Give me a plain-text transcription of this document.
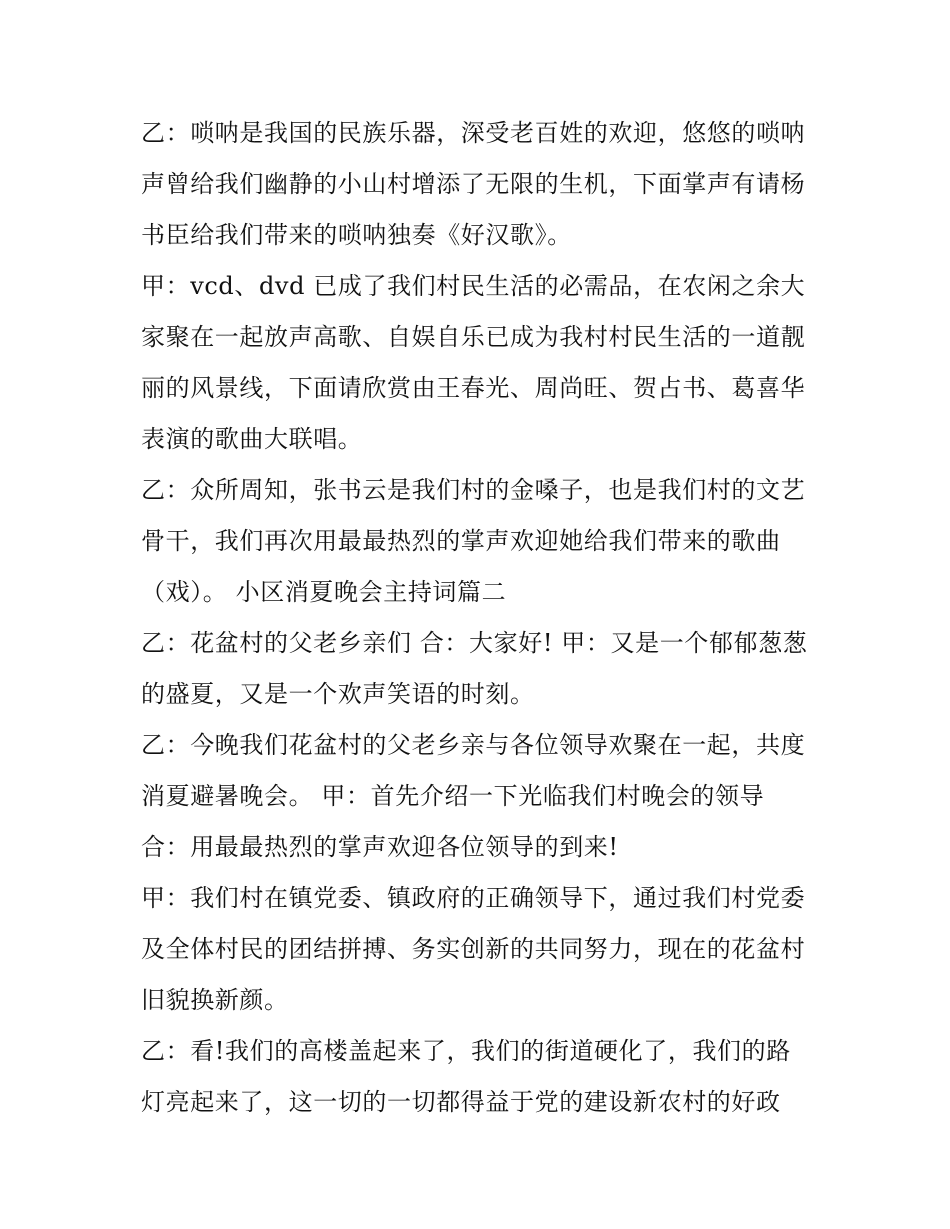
乙：唢呐是我国的民族乐器，深受老百姓的欢迎，悠悠的唢呐
声曾给我们幽静的小山村增添了无限的生机，下面掌声有请杨
书臣给我们带来的唢呐独奏《好汉歌》。
甲：vcd、dvd 已成了我们村民生活的必需品，在农闲之余大
家聚在一起放声高歌、自娱自乐已成为我村村民生活的一道靓
丽的风景线，下面请欣赏由王春光、周尚旺、贺占书、葛喜华
表演的歌曲大联唱。
乙：众所周知，张书云是我们村的金嗓子，也是我们村的文艺
骨干，我们再次用最最热烈的掌声欢迎她给我们带来的歌曲
（戏）。 小区消夏晚会主持词篇二
乙：花盆村的父老乡亲们 合：大家好! 甲：又是一个郁郁葱葱
的盛夏，又是一个欢声笑语的时刻。
乙：今晚我们花盆村的父老乡亲与各位领导欢聚在一起，共度
消夏避暑晚会。 甲：首先介绍一下光临我们村晚会的领导
合：用最最热烈的掌声欢迎各位领导的到来!
甲：我们村在镇党委、镇政府的正确领导下，通过我们村党委
及全体村民的团结拼搏、务实创新的共同努力，现在的花盆村
旧貌换新颜。
乙：看!我们的高楼盖起来了，我们的街道硬化了，我们的路
灯亮起来了，这一切的一切都得益于党的建设新农村的好政
